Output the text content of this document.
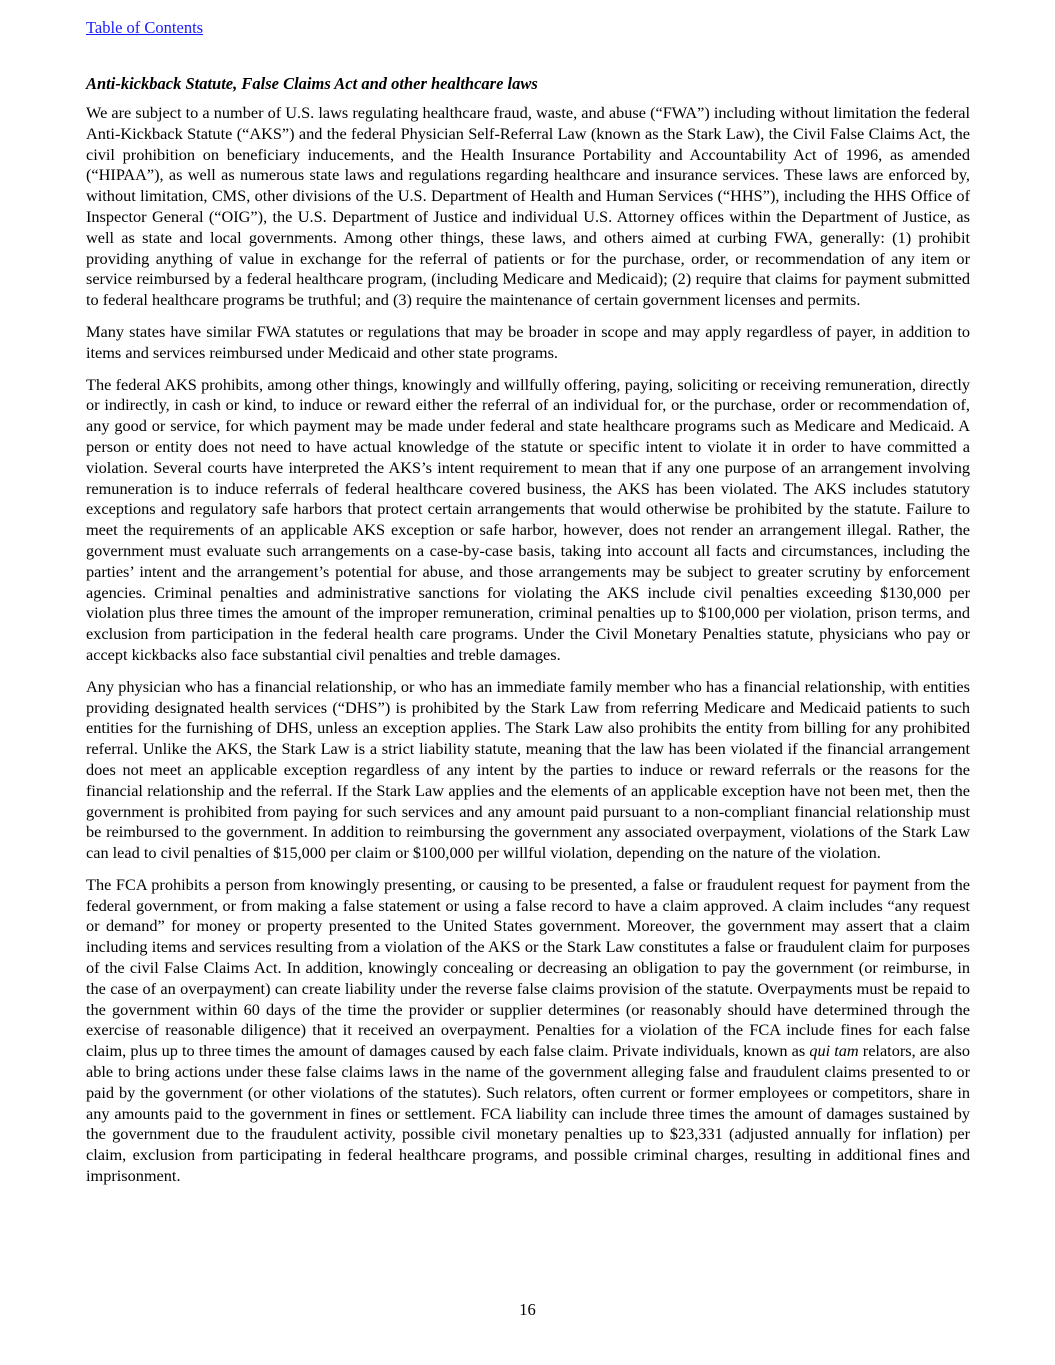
Table of Contents
Anti-kickback Statute, False Claims Act and other healthcare laws

We are subject to a number of U.S. laws regulating healthcare fraud, waste, and abuse (“FWA”) including without limitation the federal Anti-Kickback Statute (“AKS”) and the federal Physician Self-Referral Law (known as the Stark Law), the Civil False Claims Act, the civil prohibition on beneficiary inducements, and the Health Insurance Portability and Accountability Act of 1996, as amended (“HIPAA”), as well as numerous state laws and regulations regarding healthcare and insurance services. These laws are enforced by, without limitation, CMS, other divisions of the U.S. Department of Health and Human Services (“HHS”), including the HHS Office of Inspector General (“OIG”), the U.S. Department of Justice and individual U.S. Attorney offices within the Department of Justice, as well as state and local governments. Among other things, these laws, and others aimed at curbing FWA, generally: (1) prohibit providing anything of value in exchange for the referral of patients or for the purchase, order, or recommendation of any item or service reimbursed by a federal healthcare program, (including Medicare and Medicaid); (2) require that claims for payment submitted to federal healthcare programs be truthful; and (3) require the maintenance of certain government licenses and permits.

Many states have similar FWA statutes or regulations that may be broader in scope and may apply regardless of payer, in addition to items and services reimbursed under Medicaid and other state programs.

The federal AKS prohibits, among other things, knowingly and willfully offering, paying, soliciting or receiving remuneration, directly or indirectly, in cash or kind, to induce or reward either the referral of an individual for, or the purchase, order or recommendation of, any good or service, for which payment may be made under federal and state healthcare programs such as Medicare and Medicaid. A person or entity does not need to have actual knowledge of the statute or specific intent to violate it in order to have committed a violation. Several courts have interpreted the AKS’s intent requirement to mean that if any one purpose of an arrangement involving remuneration is to induce referrals of federal healthcare covered business, the AKS has been violated. The AKS includes statutory exceptions and regulatory safe harbors that protect certain arrangements that would otherwise be prohibited by the statute. Failure to meet the requirements of an applicable AKS exception or safe harbor, however, does not render an arrangement illegal. Rather, the government must evaluate such arrangements on a case-by-case basis, taking into account all facts and circumstances, including the parties’ intent and the arrangement’s potential for abuse, and those arrangements may be subject to greater scrutiny by enforcement agencies. Criminal penalties and administrative sanctions for violating the AKS include civil penalties exceeding $130,000 per violation plus three times the amount of the improper remuneration, criminal penalties up to $100,000 per violation, prison terms, and exclusion from participation in the federal health care programs. Under the Civil Monetary Penalties statute, physicians who pay or accept kickbacks also face substantial civil penalties and treble damages.

Any physician who has a financial relationship, or who has an immediate family member who has a financial relationship, with entities providing designated health services (“DHS”) is prohibited by the Stark Law from referring Medicare and Medicaid patients to such entities for the furnishing of DHS, unless an exception applies. The Stark Law also prohibits the entity from billing for any prohibited referral. Unlike the AKS, the Stark Law is a strict liability statute, meaning that the law has been violated if the financial arrangement does not meet an applicable exception regardless of any intent by the parties to induce or reward referrals or the reasons for the financial relationship and the referral. If the Stark Law applies and the elements of an applicable exception have not been met, then the government is prohibited from paying for such services and any amount paid pursuant to a non-compliant financial relationship must be reimbursed to the government. In addition to reimbursing the government any associated overpayment, violations of the Stark Law can lead to civil penalties of $15,000 per claim or $100,000 per willful violation, depending on the nature of the violation.

The FCA prohibits a person from knowingly presenting, or causing to be presented, a false or fraudulent request for payment from the federal government, or from making a false statement or using a false record to have a claim approved. A claim includes “any request or demand” for money or property presented to the United States government. Moreover, the government may assert that a claim including items and services resulting from a violation of the AKS or the Stark Law constitutes a false or fraudulent claim for purposes of the civil False Claims Act. In addition, knowingly concealing or decreasing an obligation to pay the government (or reimburse, in the case of an overpayment) can create liability under the reverse false claims provision of the statute. Overpayments must be repaid to the government within 60 days of the time the provider or supplier determines (or reasonably should have determined through the exercise of reasonable diligence) that it received an overpayment. Penalties for a violation of the FCA include fines for each false claim, plus up to three times the amount of damages caused by each false claim. Private individuals, known as qui tam relators, are also able to bring actions under these false claims laws in the name of the government alleging false and fraudulent claims presented to or paid by the government (or other violations of the statutes). Such relators, often current or former employees or competitors, share in any amounts paid to the government in fines or settlement. FCA liability can include three times the amount of damages sustained by the government due to the fraudulent activity, possible civil monetary penalties up to $23,331 (adjusted annually for inflation) per claim, exclusion from participating in federal healthcare programs, and possible criminal charges, resulting in additional fines and imprisonment.

16
